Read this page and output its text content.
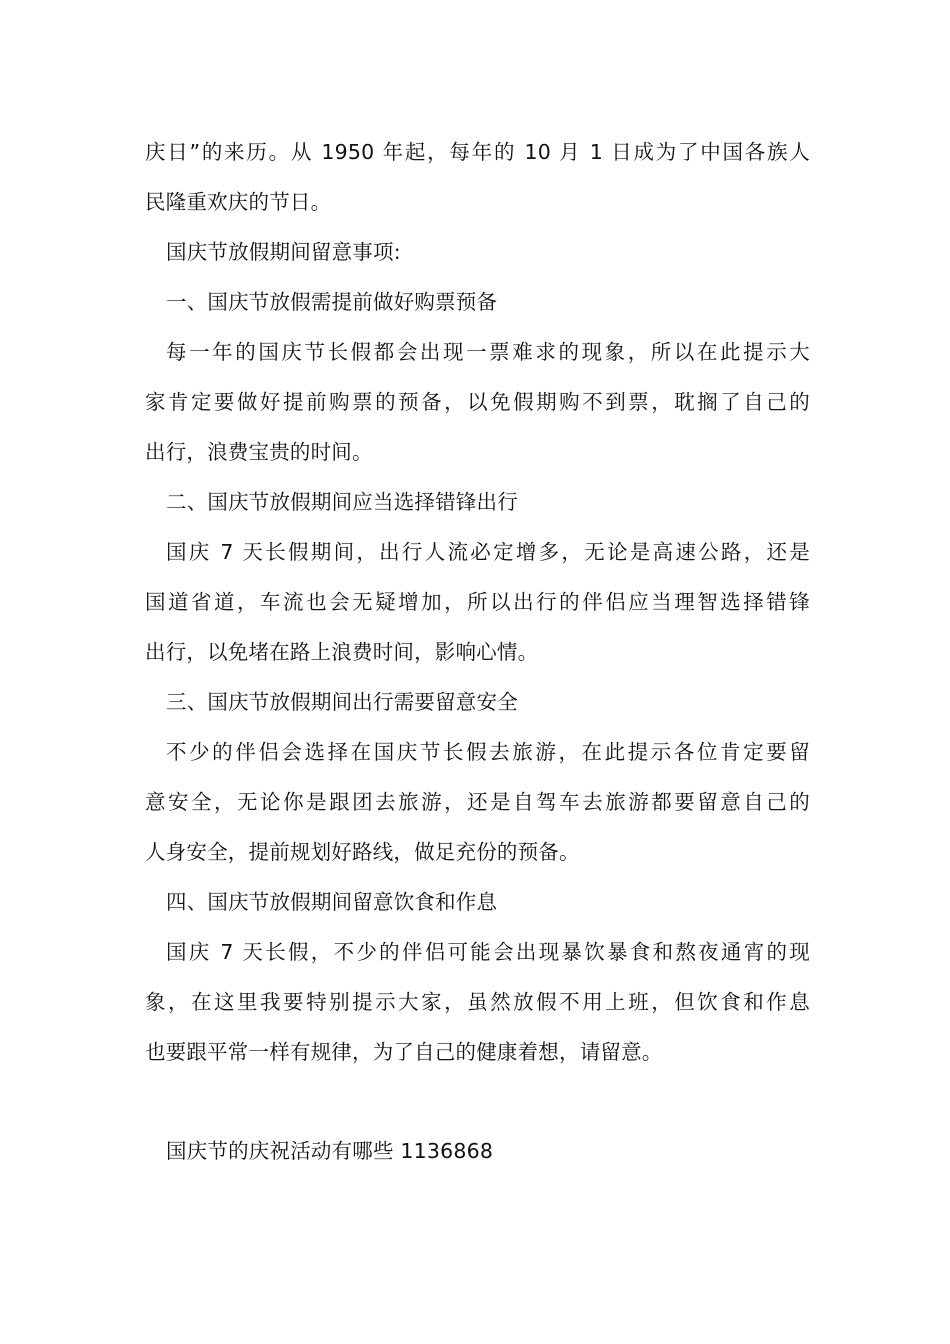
庆日”的来历。从 1950 年起，每年的 10 月 1 日成为了中国各族人
民隆重欢庆的节日。
国庆节放假期间留意事项:
一、国庆节放假需提前做好购票预备
每一年的国庆节长假都会出现一票难求的现象，所以在此提示大
家肯定要做好提前购票的预备，以免假期购不到票，耽搁了自己的
出行，浪费宝贵的时间。
二、国庆节放假期间应当选择错锋出行
国庆 7 天长假期间，出行人流必定增多，无论是高速公路，还是
国道省道，车流也会无疑增加，所以出行的伴侣应当理智选择错锋
出行，以免堵在路上浪费时间，影响心情。
三、国庆节放假期间出行需要留意安全
不少的伴侣会选择在国庆节长假去旅游，在此提示各位肯定要留
意安全，无论你是跟团去旅游，还是自驾车去旅游都要留意自己的
人身安全，提前规划好路线，做足充份的预备。
四、国庆节放假期间留意饮食和作息
国庆 7 天长假，不少的伴侣可能会出现暴饮暴食和熬夜通宵的现
象，在这里我要特别提示大家，虽然放假不用上班，但饮食和作息
也要跟平常一样有规律，为了自己的健康着想，请留意。
国庆节的庆祝活动有哪些 1136868
